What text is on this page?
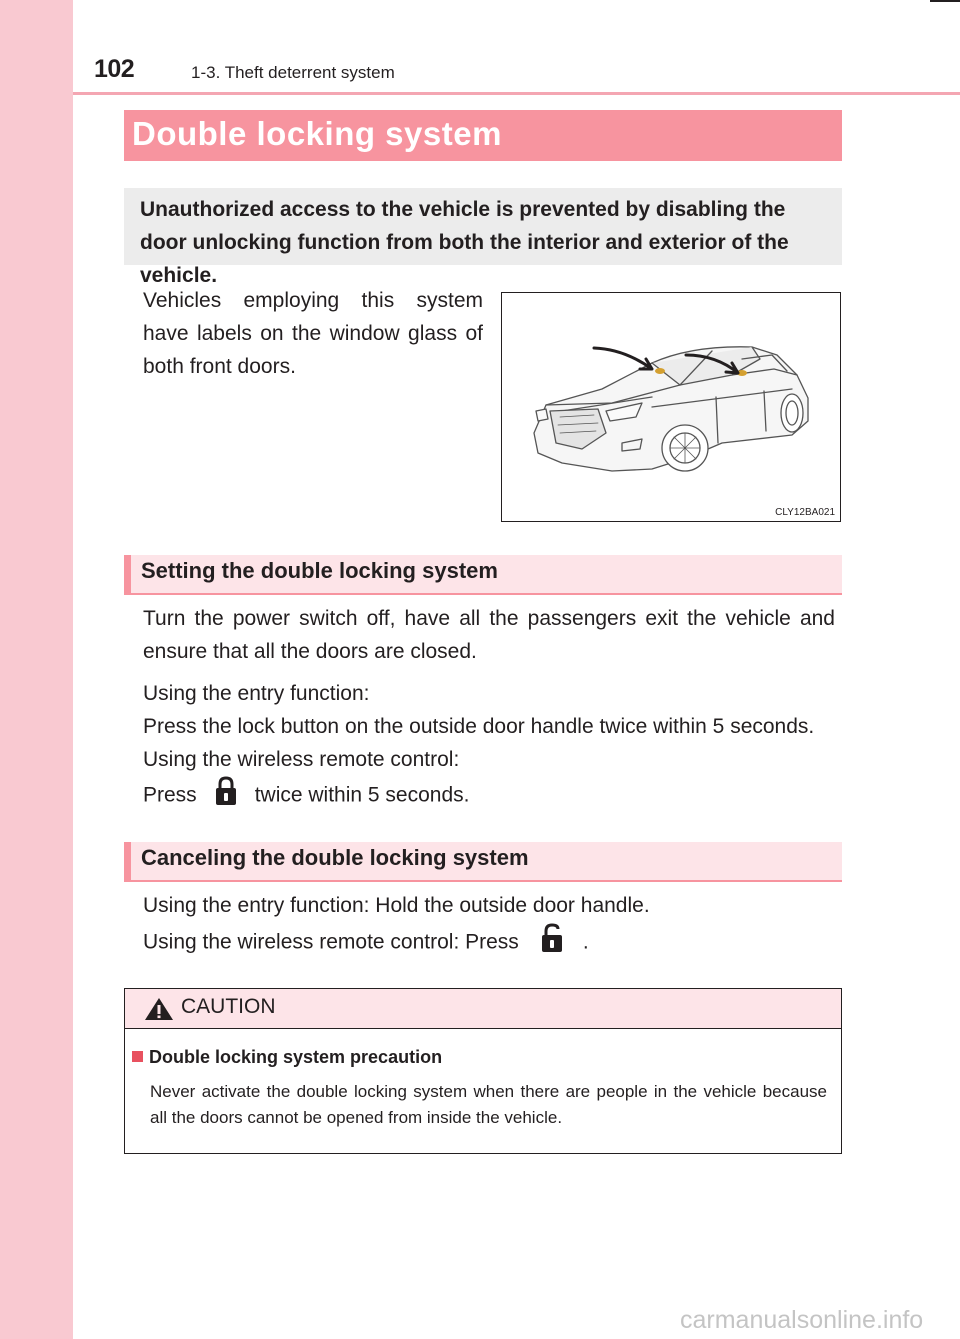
102	1-3. Theft deterrent system
Double locking system

Unauthorized access to the vehicle is prevented by disabling the door unlocking function from both the interior and exterior of the vehicle.

Vehicles employing this system have labels on the window glass of both front doors.

CLY12BA021
Setting the double locking system

Turn the power switch off, have all the passengers exit the vehicle and ensure that all the doors are closed.

Using the entry function:

Press the lock button on the outside door handle twice within 5 seconds.

Using the wireless remote control:

Press	twice within 5 seconds.

Canceling the double locking system

Using the entry function: Hold the outside door handle.

Using the wireless remote control: Press	.

CAUTION
Double locking system precaution

Never activate the double locking system when there are people in the vehicle because all the doors cannot be opened from inside the vehicle.

carmanualsonline.info
